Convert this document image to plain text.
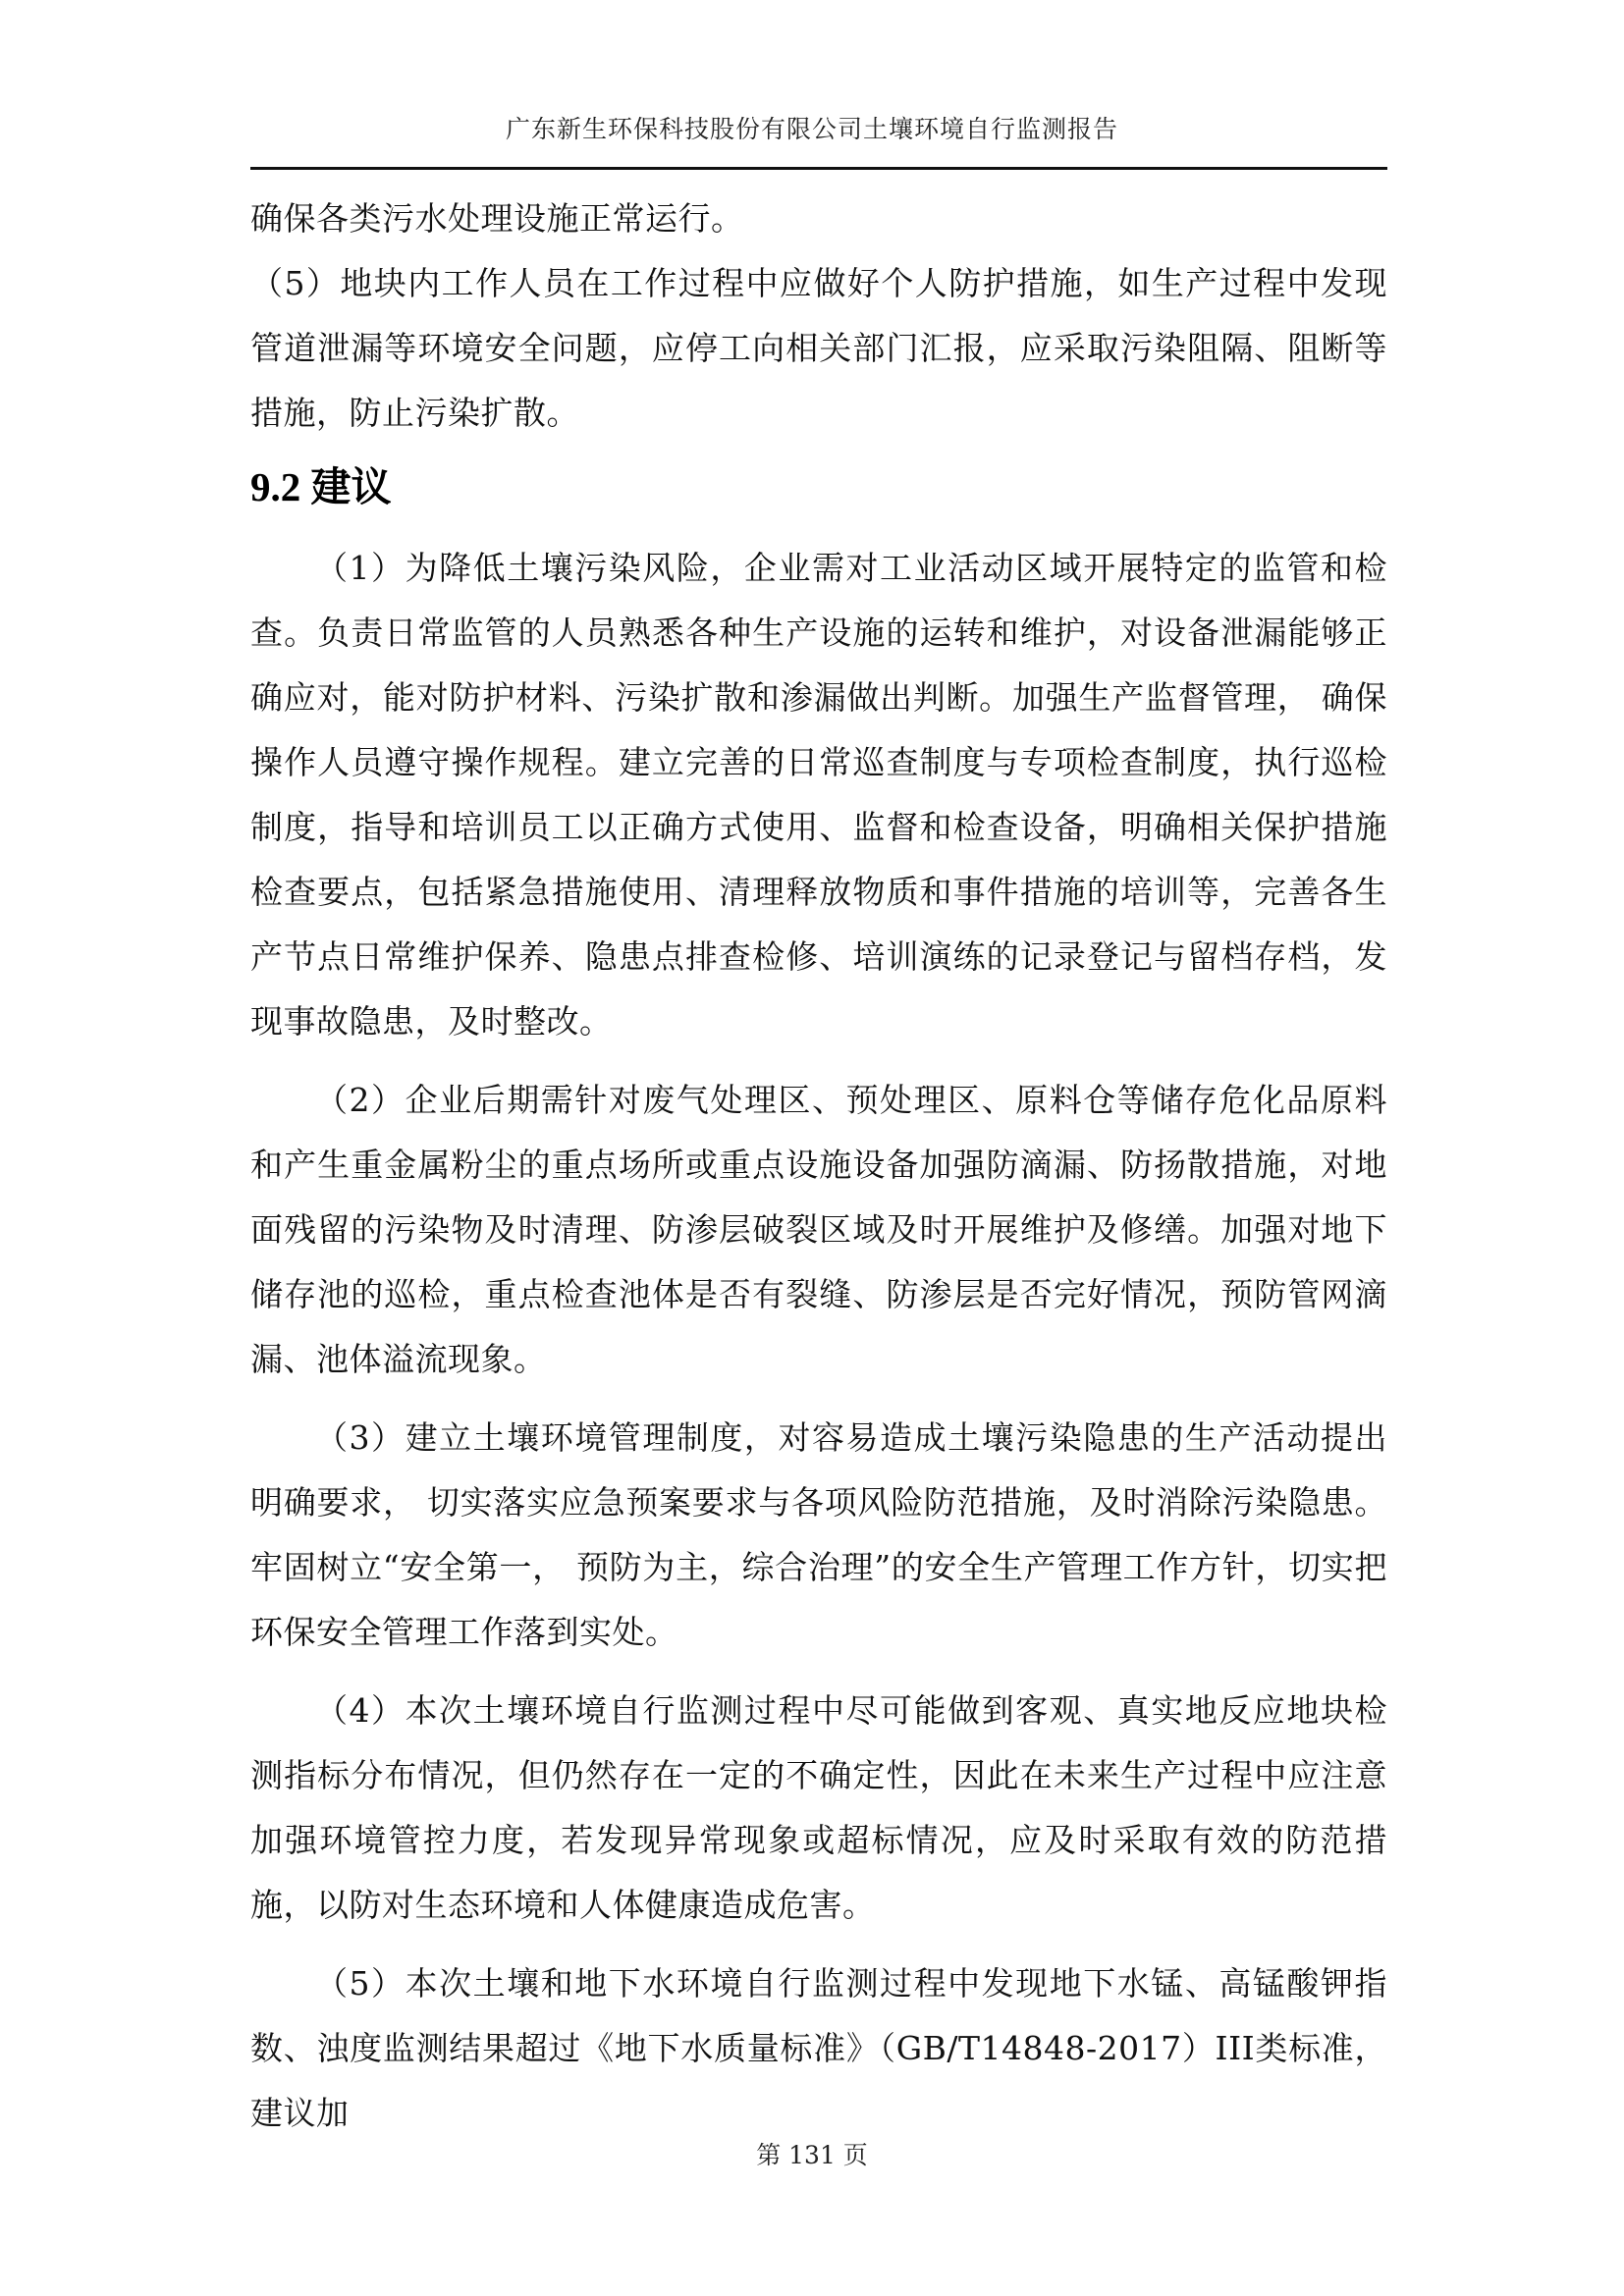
广东新生环保科技股份有限公司土壤环境自行监测报告

确保各类污水处理设施正常运行。

（5）地块内工作人员在工作过程中应做好个人防护措施，如生产过程中发现管道泄漏等环境安全问题，应停工向相关部门汇报，应采取污染阻隔、阻断等措施，防止污染扩散。

9.2 建议

（1）为降低土壤污染风险，企业需对工业活动区域开展特定的监管和检查。负责日常监管的人员熟悉各种生产设施的运转和维护，对设备泄漏能够正确应对，能对防护材料、污染扩散和渗漏做出判断。加强生产监督管理， 确保操作人员遵守操作规程。建立完善的日常巡查制度与专项检查制度，执行巡检制度，指导和培训员工以正确方式使用、监督和检查设备，明确相关保护措施检查要点，包括紧急措施使用、清理释放物质和事件措施的培训等，完善各生产节点日常维护保养、隐患点排查检修、培训演练的记录登记与留档存档，发现事故隐患，及时整改。

（2）企业后期需针对废气处理区、预处理区、原料仓等储存危化品原料和产生重金属粉尘的重点场所或重点设施设备加强防滴漏、防扬散措施，对地面残留的污染物及时清理、防渗层破裂区域及时开展维护及修缮。加强对地下储存池的巡检，重点检查池体是否有裂缝、防渗层是否完好情况，预防管网滴漏、池体溢流现象。

（3）建立土壤环境管理制度，对容易造成土壤污染隐患的生产活动提出明确要求， 切实落实应急预案要求与各项风险防范措施，及时消除污染隐患。牢固树立“安全第一， 预防为主，综合治理”的安全生产管理工作方针，切实把环保安全管理工作落到实处。

（4）本次土壤环境自行监测过程中尽可能做到客观、真实地反应地块检测指标分布情况，但仍然存在一定的不确定性，因此在未来生产过程中应注意加强环境管控力度，若发现异常现象或超标情况，应及时采取有效的防范措施，以防对生态环境和人体健康造成危害。

（5）本次土壤和地下水环境自行监测过程中发现地下水锰、高锰酸钾指数、浊度监测结果超过《地下水质量标准》（GB/T14848-2017）III类标准，建议加

第 131 页
